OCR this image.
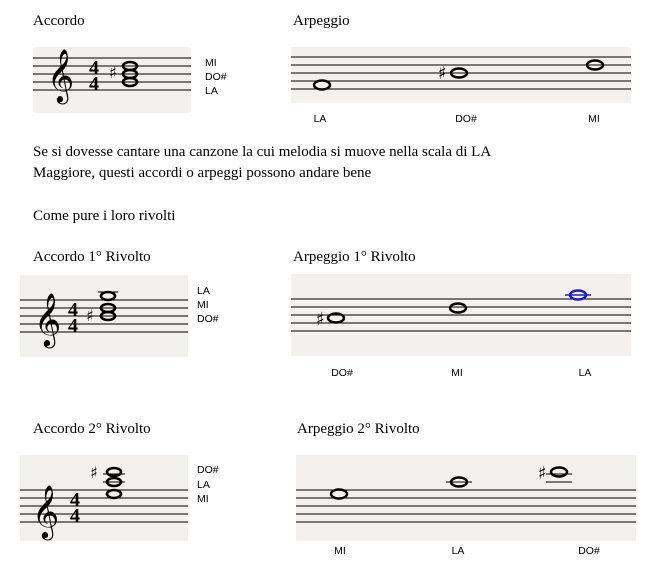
Accordo	Arpeggio
𝄞 4
4
♯	MI
DO#
LA
♯
LA	DO#	MI
Se si dovesse cantare una canzone la cui melodia si muove nella scala di LA
Maggiore, questi accordi o arpeggi possono andare bene
Come pure i loro rivolti
Accordo 1° Rivolto	Arpeggio 1° Rivolto
𝄞 4
4 ♯
LA
MI
DO#	♯
DO#	MI	LA
Accordo 2° Rivolto	Arpeggio 2° Rivolto
𝄞 4
4
♯	DO#
LA
MI
♯
MI	LA	DO#
